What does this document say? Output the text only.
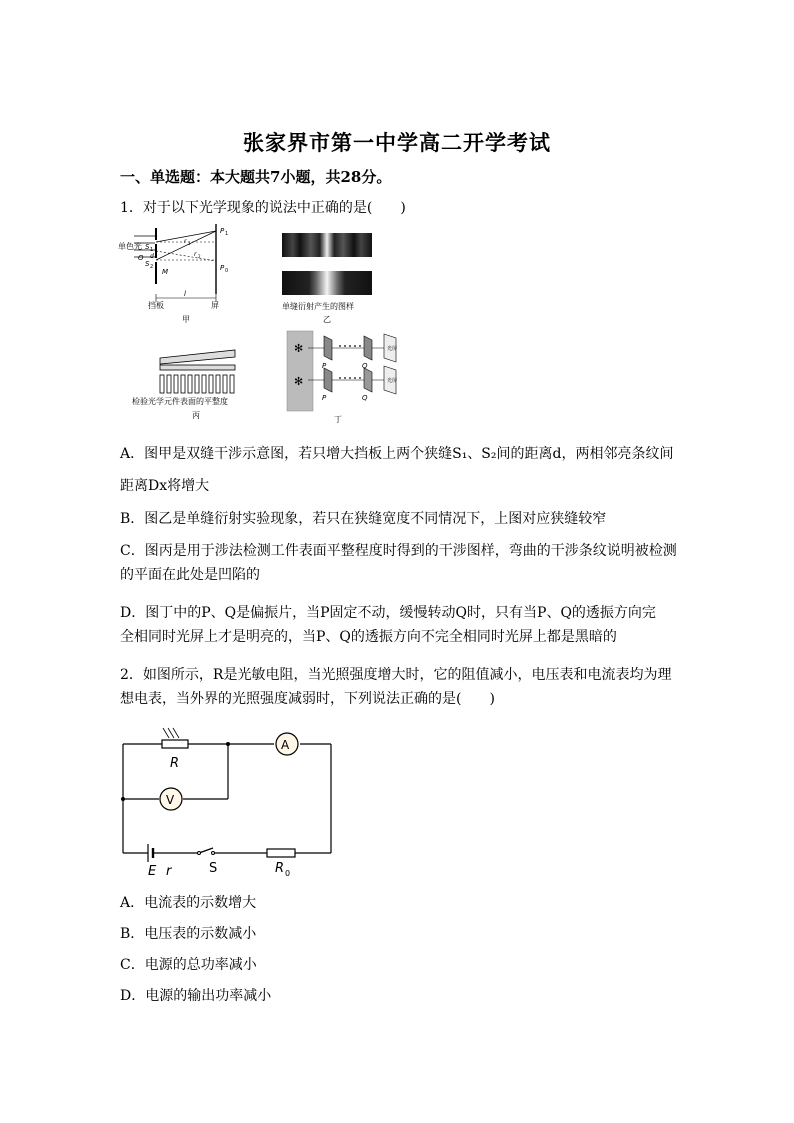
张家界市第一中学高二开学考试
一、单选题：本大题共7小题，共28分。
1．对于以下光学现象的说法中正确的是(　　)
单色光 S 1
S 2
O d
M
r 1
r 2
P 1
P 0
l
挡板	屏
甲
单缝衍射产生的图样
乙
检验光学元件表面的平整度
丙
✻
✻
P
P
Q
Q
光屏
光屏
丁
A．图甲是双缝干涉示意图，若只增大挡板上两个狭缝S₁、S₂间的距离d，两相邻亮条纹间
距离Dx将增大
B．图乙是单缝衍射实验现象，若只在狭缝宽度不同情况下，上图对应狭缝较窄
C．图丙是用于涉法检测工件表面平整程度时得到的干涉图样，弯曲的干涉条纹说明被检测
的平面在此处是凹陷的
D．图丁中的P、Q是偏振片，当P固定不动，缓慢转动Q时，只有当P、Q的透振方向完
全相同时光屏上才是明亮的，当P、Q的透振方向不完全相同时光屏上都是黑暗的
2．如图所示，R是光敏电阻，当光照强度增大时，它的阻值减小，电压表和电流表均为理
想电表，当外界的光照强度减弱时，下列说法正确的是(　　)
A
V
R
E r	S	R 0
A．电流表的示数增大
B．电压表的示数减小
C．电源的总功率减小
D．电源的输出功率减小
